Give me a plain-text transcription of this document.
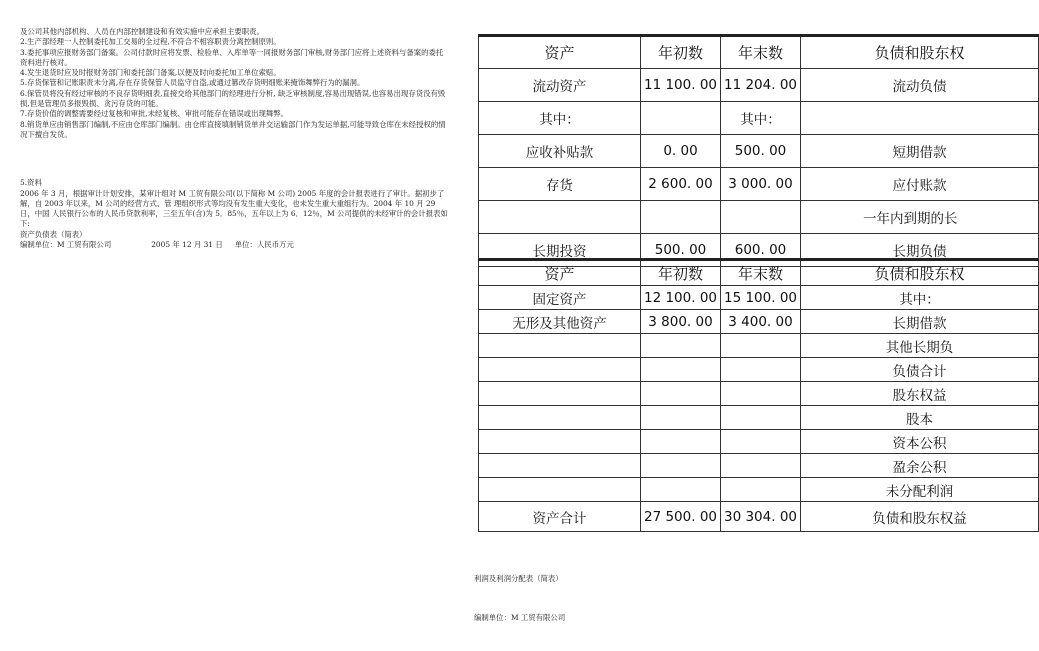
及公司其他内部机构、人员在内部控制建设和有效实施中应承担主要职责。

2.生产部经理一人控制委托加工交易的全过程,不符合不相容职责分离控制原则。

3.委托事项应报财务部门备案。公司付款时应将发票、检验单、入库单等一同报财务部门审核,财务部门应将上述资料与备案的委托资料进行核对。

4.发生退货时应及时报财务部门和委托部门备案,以便及时向委托加工单位索赔。

5.存货保管和记账职责未分离,存在存货保管人员监守自盗,或通过篡改存货明细账来掩饰舞弊行为的漏洞。

6.保管员将没有经过审核的不良存货明细表,直接交给其他部门的经理进行分析, 缺乏审核制度,容易出现错误,也容易出现存货没有毁损,但是管理员多报毁损、贪污存货的可能。

7.存货价值的调整需要经过复核和审批,未经复核、审批可能存在错误或出现舞弊。

8.销货单应由销售部门编制,不应由仓库部门编制。由仓库直接填制销货单并交运输部门作为发运单据,可能导致仓库在未经授权的情况下擅自发货。

5.资料

2006 年 3 月，根据审计计划安排，某审计组对 M 工贸有限公司(以下简称 M 公司) 2005 年度的会计报表进行了审计。据初步了解，自 2003 年以来，M 公司的经营方式、管 理组织形式等均没有发生重大变化，也未发生重大重组行为。2004 年 10 月 29 日，中国 人民银行公布的人民币贷款利率，三至五年(含)为 5．85％，五年以上为 6．12％，M 公司提供的未经审计的会计报表如下:

资产负债表（简表）

编制单位：M 工贸有限公司	2005 年 12 月 31 日 单位：人民币万元

资产	年初数	年末数	负债和股东权
流动资产	11 100. 00	11 204. 00	流动负债
其中：		其中：	
应收补贴款	0. 00	500. 00	短期借款
存货	2 600. 00	3 000. 00	应付账款
			一年内到期的长
长期投资	500. 00	600. 00	长期负债
资产	年初数	年末数	负债和股东权
固定资产	12 100. 00	15 100. 00	其中：
无形及其他资产	3 800. 00	3 400. 00	长期借款
			其他长期负
			负债合计
			股东权益
			股本
			资本公积
			盈余公积
			未分配利润
资产合计	27 500. 00	30 304. 00	负债和股东权益
利润及利润分配表（简表）
编制单位：M 工贸有限公司
